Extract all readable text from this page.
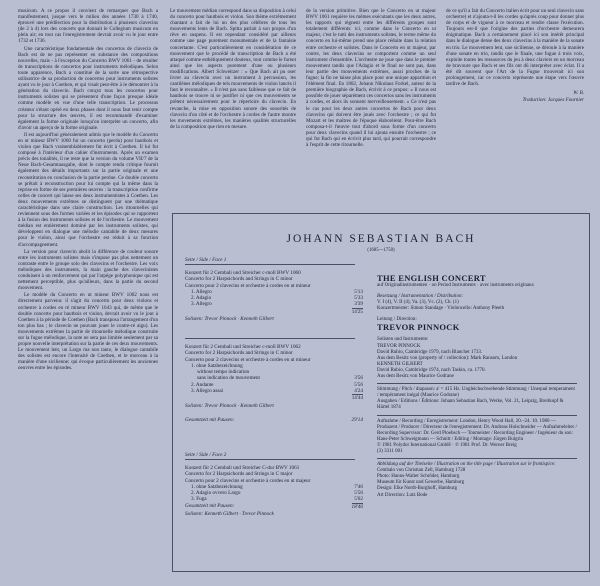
musicum. A ce propos il convient de remarquer que Bach a manifestement, jusque vers le milieu des années 1730 à 1740, éprouvé une prédilection pour la distribution à plusieurs clavecins (de 2 à 4) lors des concerts que donnait le Collegium musicum en plein air; en tout cas l'enregistrement devrait avoir vu le jour entre 1732 et 1736.

Une caractéristique fondamentale des concertos de clavecin de Bach est de ne pas représenter en substance des compositions nouvelles, mais - à l'exception du Concerto BWV 1061 - de résulter de transcriptions de concertos pour instruments mélodiques. Selon toute apparence, Bach a constitué de la sorte une rétrospective utilisatrice de sa production de concertos pour instruments solistes ayant vu le jour à Coethen, et qui visait peut-être à le démontrer à la génération du clavecin. Bach conçut tous les concertos pour instruments solistes qui se présentent d'une façon presque idéale comme modèle en vue d'une telle transcription. Le processus créateur s'étant opéré en deux phases dont il nous faut tenir compte pour la structure des œuvres, il est recommandé d'examiner également la forme originale lorsqu'on interprète un concerto, afin d'avoir un aperçu de la forme originale.

Il est aujourd'hui généralement admis que le modèle du Concerto en ut mineur BWV 1060 fut un concerto (perdu) pour hautbois et violon que Bach vraisemblablement fut écrit à Coethen. Il lui fut composé à l'intérieur d'un cahier d'instruments. Après un examen précis des tonalités, il ne reste que la version du volume VII/7 de la Neue Bach-Gesamtausgabe, dont le compte rendu critique fournit également des détails importants sur la partie originale et une reconstitution en conclusion de la partie perdue. Ce double concerto se prêtait à reconstruction pour lui compte qui la même dans la reprise en forme de ses premières œuvres : la transcription confirme celles de concert qui laisse ses deux instrumentistes à Coethen. Les deux mouvements extrêmes se distinguent par une thématique caractéristique dans une claire construction. Les ritournelles qui reviennent sous des formes variées et les épisodes qui se rapportent à la fusion des instruments solistes et de l'orchestre. Le mouvement médian est entièrement dominé par les instruments solistes, qui développent en dialogue une mélodie cantabile de deux mesures pour le violon, ainsi que l'orchestre est réduit à sa fonction d'accompagnement.

La version pour clavecin abolit la différence de couleur sonore entre les instruments solistes mais s'impose pas plus nettement un contraste entre le groupe solo des clavecins et l'orchestre. Les voix mélodiques des instruments, la main gauche des clavecinistes conduisent à un renforcement qui par l'arpège polyphonique qui est nettement perceptible, plus qu'ailleurs, dans la partie du second mouvement.

Le modèle du Concerto en ut mineur BWV 1062 nous est directement parvenu: il s'agit du concerto pour deux violons et orchestre à cordes en ré mineur BWV 1043 qui, de même que le double concerto pour hautbois et violon, devrait avoir vu le jour à Coethen à la période de Coethen (Bach transposa l'arrangement d'un ton plus bas ; le clavecin ne pouvant jouer le contre-ré aigu). Les mouvements extrêmes la partie de ritournelle mélodique construite sur la fugue mélodique, la note ne sera pas limitée seulement par sa propre nouvelle interprétation sur la partie de ces deux mouvements. Le mouvement lent, un Largo ma non tanto, le dialogue cantabile des solistes est encore l'intensité de Coethen, et le morceau à la manière d'une sicilienne; qui évoque particulièrement les anciennes oeuvres entre les épisodes.

Le mouvement médian correspond dans sa disposition à celui du concerto pour hautbois et violon. Son thème extrêmement chantant a fait de lui un des plus célèbres de tous les mouvements lents de Bach. Spitta parlait à son propos d'un rêve en suspens. Il est cependant considéré par ailleurs comme une page purement monumentale et de la fantaisie concertante. C'est particulièrement en considération de ce mouvement que le procédé de transcription de Bach a été attaqué comme esthétiquement douteux, tout comme le furent ainsi que les aspects purement d'une ou plusieurs modifications. Albert Schweitzer : « Que Bach ait pu oser livrer au clavecin avec un instrument à percussion, les cantilènes mélodiques de tels mouvements de violon lancés il faut le reconnaître. » Il n'est pas sans faiblesse que ce fait de hautbois se trouve ni se justifier ni que ces mouvements se prêtent nécessairement pour le répertoire du clavecin. En revanche, la mise en opposition sonore des sonorités de clavecin d'un côté et de l'orchestre à cordes de l'autre montre les movements extrêmes, les manières qualités structurelles de la composition que rien en mesure.

de la version primitive. Bien que le Concerto en ut majeur BWV 1061 requière les mêmes exécutants que les deux autres, les rapports qui règnent entre les différents groupes sont totalement différents: ici, comme dans le Concerto en ut majeur, c'est le tutti des instruments solistes, le terme même du concerto en lui-même prend une place réduite dans la relation entre orchestre et solistes. Dans le Concerto en ut majeur, par contre, les deux clavecins se comportent comme un seul instrument d'ensemble. L'orchestre ne joue que dans le premier mouvement tandis que l'Adagio et le final ne sont pas, dans leur partie des mouvements extrêmes, aussi proches de la fugue; la fin ne laisse plus place pour une unique apparition et l'élément final. En 1802, Johann Nikolaus Forkel, auteur de la première biographie de Bach, écrivit à ce propos: « Il nous est possible de jouer séparément ces concertos sans les instruments à cordes, et alors ils sonnent merveilleusement. » Ce n'est pas le cas pour les deux autres concertos de Bach pour deux clavecins qui doivent être joués avec l'orchestre ; ce qui fut Mozart et les maîtres de l'époque élaborèrent. Pour-être Bach composa-t-il l'œuvre tout d'abord sous forme d'un concerto pour deux clavecins quand il lui ajouta ensuite l'orchestre ; ce qui fut Bach qui en écrivit plus tard, qui pourrait correspondre à l'esprit de cette ritournelle.

de ce qu'il a fait du Concerto italien écrit pour un seul clavecin sans orchestre) et n'ajouta-t-il les cordes qu'après coup pour donner plus de corps et de vigueur à ce morceau et rendre classe l'exécution. Toujours est-il que l'origine des parties d'orchestre demeurera énigmatique. Bach a certainement placé ici son intérêt principal dans le dialogue dense des deux clavecins à la manière de la sonate en trio. Le mouvement lent, une sicilienne, se déroule à la manière d'une sonate en trio, tandis que le finale, une fugue à trois voix, exploite toutes les ressources du jeu à deux claviers en un morceau de bravoure que Bach et ses fils ont dû interpréter avec éclat. Il a été dit souvent que l'Art de la Fugue trouverait ici son prolongement, car ce concerto représente une étape vers l'œuvre tardive de Bach.

W. B.

Traduction: Jacques Fournier

JOHANN SEBASTIAN BACH
(1685—1750)
Seite / Side / Face 1
Konzert für 2 Cembali und Streicher c-moll BWV 1060
Concerto for 2 Harpsichords and Strings in C minor
Concerto pour 2 clavecins et orchestre à cordes en ut mineur
1. Allegro	5'13
2. Adagio	5'33
3. Allegro	3'39
14'25
Solisten: Trevor Pinnock · Kenneth Gilbert
Konzert für 2 Cembali und Streicher c-moll BWV 1062
Concerto for 2 Harpsichords and Strings in C minor
Concerto pour 2 clavecins et orchestre à cordes en ut mineur
1. ohne Satzbezeichnung
without tempo indication
sans indication de mouvement	3'56
2. Andante	5'56
3. Allegro assai	4'24
14'44
Solisten: Trevor Pinnock · Kenneth Gilbert
Gesamtzeit mit Pausen:	29'14
Seite / Side / Face 2
Konzert für 2 Cembali und Streicher C-dur BWV 1061
Concerto for 2 Harpsichords and Strings in C major
Concerto pour 2 clavecins et orchestre à cordes en ut majeur
1. ohne Satzbezeichnung	7'46
2. Adagio ovvero Largo	5'56
3. Fuga	5'02
Gesamtzeit mit Pausen:	18'46
Solisten: Kenneth Gilbert · Trevor Pinnock
THE ENGLISH CONCERT
auf Originalinstrumenten · on Period Instruments · avec instruments originaux
Besetzung / Instrumentation / Distribution:
V. I (4), V. II (4), Va. (3), Vc. (2), Cb. (1)
Konzertmeister: Simon Standage · Violoncello: Anthony Pleeth
Leitung / Direction:
TREVOR PINNOCK
Solisten und Instrumente:
TREVOR PINNOCK
David Rubio, Cambridge 1979, nach Blanchet 1733.
Aus dem Besitz von (property of / collection): Mark Ransom, London
KENNETH GILBERT
David Rubio, Cambridge 1974, nach Taskin, ca. 1770.
Aus dem Besitz von Maurice Godrane
Stimmung / Pitch / diapason: a' = 415 Hz. Ungleichschwebende Stimmung / Unequal temperament / tempérament inégal (Maurice Godrane)
Ausgaben / Editions / Éditions: Johann Sebastian Bach, Werke, Vol. 21, Leipzig, Breitkopf & Härtel 1874
Aufnahme / Recording / Enregistrement: London, Henry Wood Hall, 20.–24. 10. 1980 — Produzent / Producer / Directeur de l'enregistrement: Dr. Andreas Holschneider — Aufnahmeleiter / Recording Supervisor: Dr. Gerd Ploebsch — Tonmeister / Recording Engineer / Ingénieur du son: Hans-Peter Schweigmann — Schnitt / Editing / Montage: Jürgen Bulgrin
© 1981 Polydor International GmbH · ℗ 1981 Prof. Dr. Werner Breig
(3) 3311 001
Abbildung auf der Titelseite / Illustration on the title page / Illustration sur le frontispice:
Cembalo von Christian Zell, Hamburg 1728
Photo: Hanns-Walter Schröder, Hamburg
Museum für Kunst und Gewerbe, Hamburg
Design: Elke Nordt-Burghoff, Hamburg
Art Direction: Lutz Bode
